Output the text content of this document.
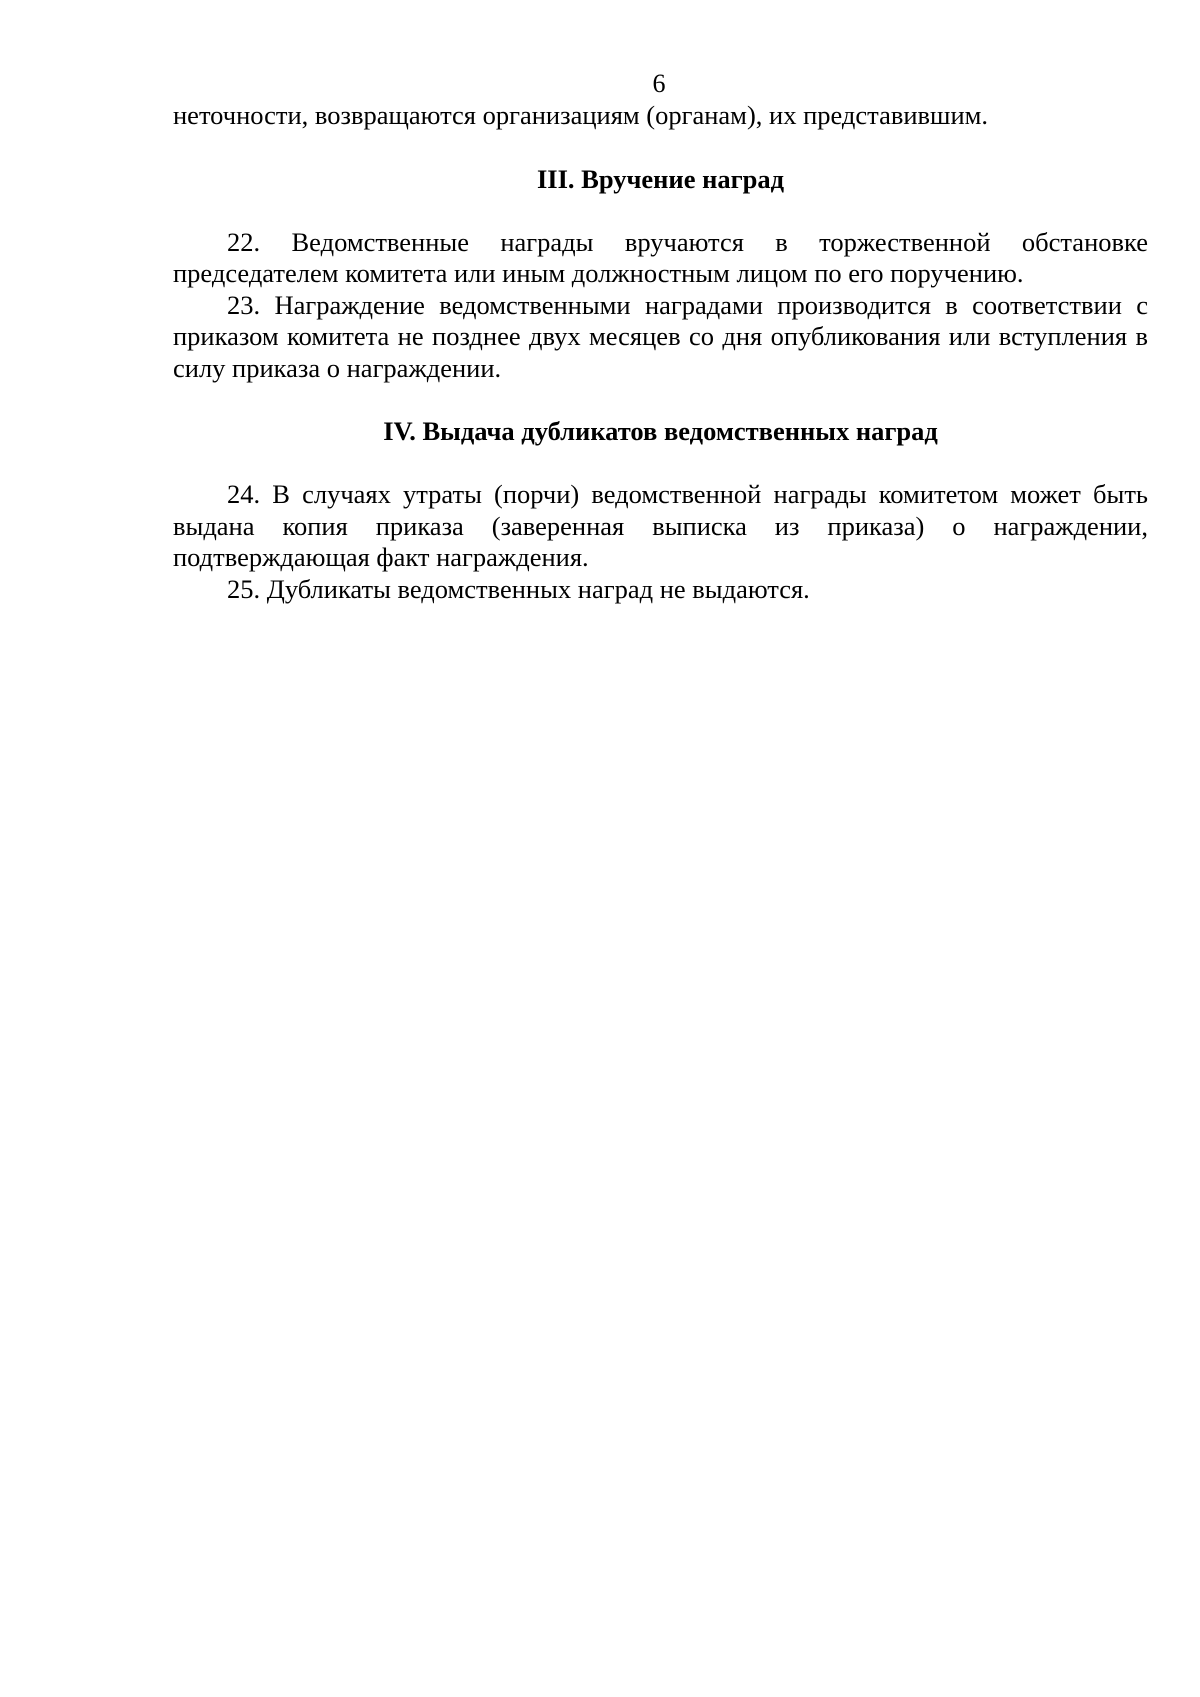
6

неточности, возвращаются организациям (органам), их представившим.

III. Вручение наград

22. Ведомственные награды вручаются в торжественной обстановке председателем комитета или иным должностным лицом по его поручению.

23. Награждение ведомственными наградами производится в соответствии с приказом комитета не позднее двух месяцев со дня опубликования или вступления в силу приказа о награждении.

IV. Выдача дубликатов ведомственных наград

24. В случаях утраты (порчи) ведомственной награды комитетом может быть выдана копия приказа (заверенная выписка из приказа) о награждении, подтверждающая факт награждения.

25. Дубликаты ведомственных наград не выдаются.
